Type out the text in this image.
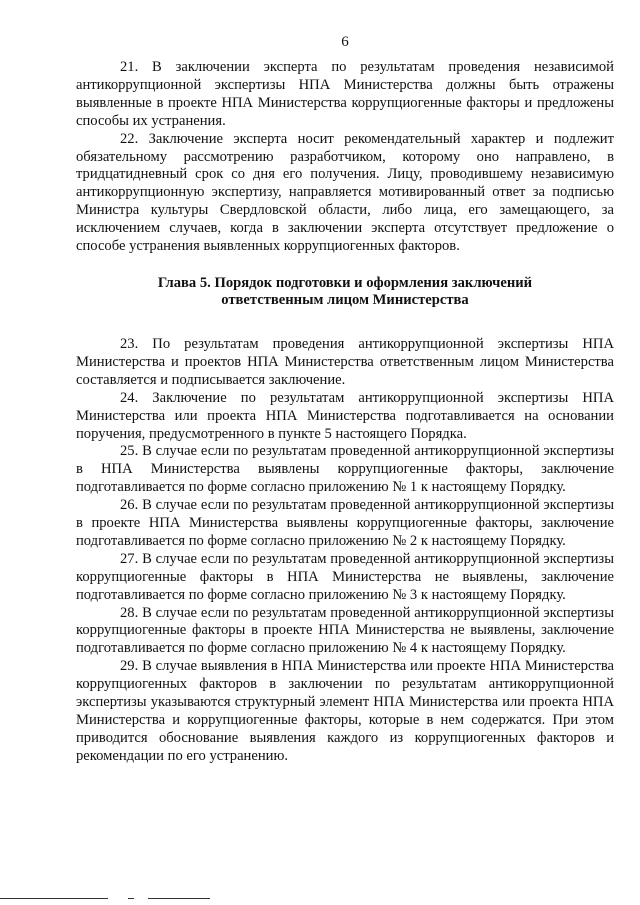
6

21. В заключении эксперта по результатам проведения независимой антикоррупционной экспертизы НПА Министерства должны быть отражены выявленные в проекте НПА Министерства коррупциогенные факторы и предложены способы их устранения.

22. Заключение эксперта носит рекомендательный характер и подлежит обязательному рассмотрению разработчиком, которому оно направлено, в тридцатидневный срок со дня его получения. Лицу, проводившему независимую антикоррупционную экспертизу, направляется мотивированный ответ за подписью Министра культуры Свердловской области, либо лица, его замещающего, за исключением случаев, когда в заключении эксперта отсутствует предложение о способе устранения выявленных коррупциогенных факторов.

Глава 5. Порядок подготовки и оформления заключений
ответственным лицом Министерства

23. По результатам проведения антикоррупционной экспертизы НПА Министерства и проектов НПА Министерства ответственным лицом Министерства составляется и подписывается заключение.

24. Заключение по результатам антикоррупционной экспертизы НПА Министерства или проекта НПА Министерства подготавливается на основании поручения, предусмотренного в пункте 5 настоящего Порядка.

25. В случае если по результатам проведенной антикоррупционной экспертизы в НПА Министерства выявлены коррупциогенные факторы, заключение подготавливается по форме согласно приложению № 1 к настоящему Порядку.

26. В случае если по результатам проведенной антикоррупционной экспертизы в проекте НПА Министерства выявлены коррупциогенные факторы, заключение подготавливается по форме согласно приложению № 2 к настоящему Порядку.

27. В случае если по результатам проведенной антикоррупционной экспертизы коррупциогенные факторы в НПА Министерства не выявлены, заключение подготавливается по форме согласно приложению № 3 к настоящему Порядку.

28. В случае если по результатам проведенной антикоррупционной экспертизы коррупциогенные факторы в проекте НПА Министерства не выявлены, заключение подготавливается по форме согласно приложению № 4 к настоящему Порядку.

29. В случае выявления в НПА Министерства или проекте НПА Министерства коррупциогенных факторов в заключении по результатам антикоррупционной экспертизы указываются структурный элемент НПА Министерства или проекта НПА Министерства и коррупциогенные факторы, которые в нем содержатся. При этом приводится обоснование выявления каждого из коррупциогенных факторов и рекомендации по его устранению.
